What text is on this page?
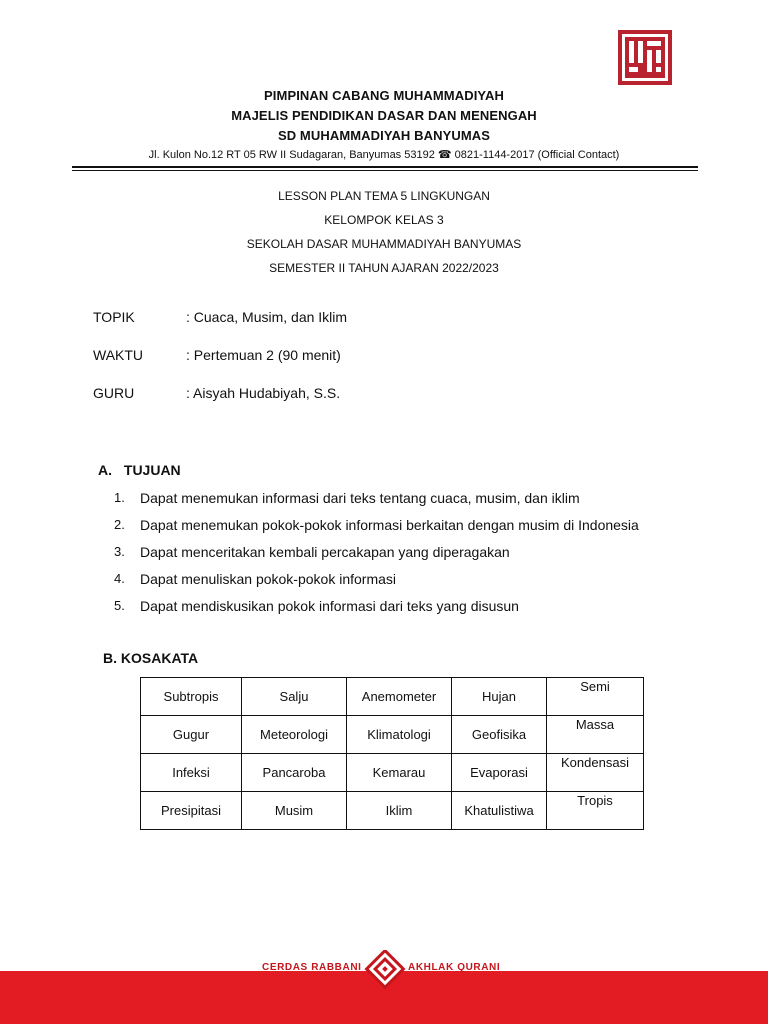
PIMPINAN CABANG MUHAMMADIYAH
MAJELIS PENDIDIKAN DASAR DAN MENENGAH
SD MUHAMMADIYAH BANYUMAS
Jl. Kulon No.12 RT 05 RW II Sudagaran, Banyumas 53192 ☎ 0821-1144-2017 (Official Contact)
LESSON PLAN TEMA 5 LINGKUNGAN
KELOMPOK KELAS 3
SEKOLAH DASAR MUHAMMADIYAH BANYUMAS
SEMESTER II TAHUN AJARAN 2022/2023
TOPIK	: Cuaca, Musim, dan Iklim
WAKTU	: Pertemuan 2 (90 menit)
GURU	: Aisyah Hudabiyah, S.S.
A. TUJUAN
1.	Dapat menemukan informasi dari teks tentang cuaca, musim, dan iklim
2.	Dapat menemukan pokok-pokok informasi berkaitan dengan musim di Indonesia
3.	Dapat menceritakan kembali percakapan yang diperagakan
4.	Dapat menuliskan pokok-pokok informasi
5.	Dapat mendiskusikan pokok informasi dari teks yang disusun
B. KOSAKATA
Subtropis	Salju	Anemometer	Hujan	Semi
Gugur	Meteorologi	Klimatologi	Geofisika	Massa
Infeksi	Pancaroba	Kemarau	Evaporasi	Kondensasi
Presipitasi	Musim	Iklim	Khatulistiwa	Tropis
CERDAS RABBANI	AKHLAK QURANI
